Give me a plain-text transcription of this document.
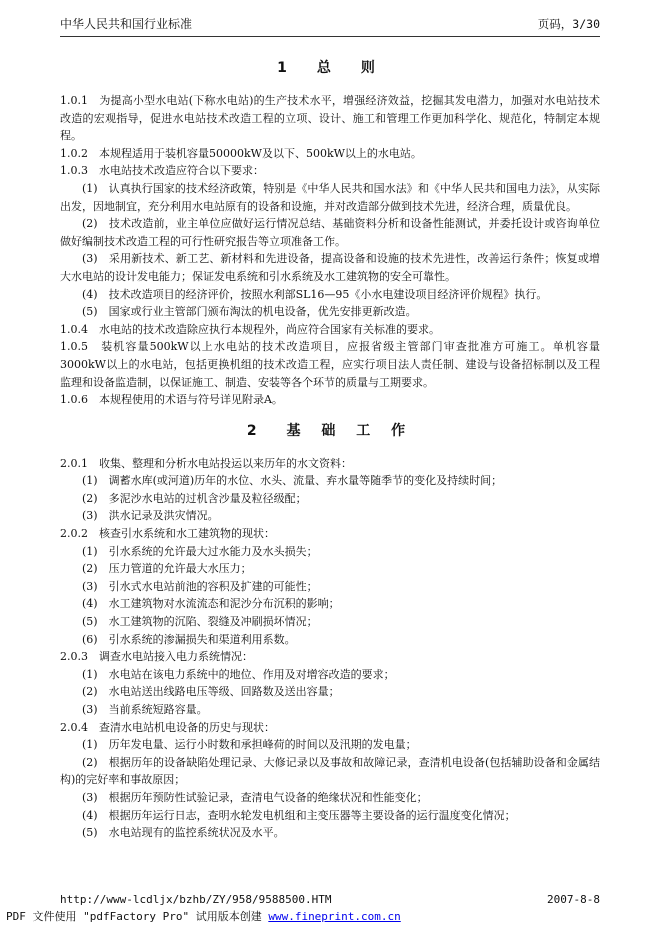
中华人民共和国行业标准	页码，3/30
1　总　则

1.0.1　为提高小型水电站(下称水电站)的生产技术水平，增强经济效益，挖掘其发电潜力，加强对水电站技术改造的宏观指导，促进水电站技术改造工程的立项、设计、施工和管理工作更加科学化、规范化，特制定本规程。

1.0.2　本规程适用于装机容量50000kW及以下、500kW以上的水电站。

1.0.3　水电站技术改造应符合以下要求：

(1)　认真执行国家的技术经济政策，特别是《中华人民共和国水法》和《中华人民共和国电力法》，从实际出发，因地制宜，充分利用水电站原有的设备和设施，并对改造部分做到技术先进，经济合理，质量优良。

(2)　技术改造前，业主单位应做好运行情况总结、基础资料分析和设备性能测试，并委托设计或咨询单位做好编制技术改造工程的可行性研究报告等立项准备工作。

(3)　采用新技术、新工艺、新材料和先进设备，提高设备和设施的技术先进性，改善运行条件；恢复或增大水电站的设计发电能力；保证发电系统和引水系统及水工建筑物的安全可靠性。

(4)　技术改造项目的经济评价，按照水利部SL16—95《小水电建设项目经济评价规程》执行。

(5)　国家或行业主管部门颁布淘汰的机电设备，优先安排更新改造。

1.0.4　水电站的技术改造除应执行本规程外，尚应符合国家有关标准的要求。

1.0.5　装机容量500kW以上水电站的技术改造项目，应报省级主管部门审查批准方可施工。单机容量3000kW以上的水电站，包括更换机组的技术改造工程，应实行项目法人责任制、建设与设备招标制以及工程监理和设备监造制，以保证施工、制造、安装等各个环节的质量与工期要求。

1.0.6　本规程使用的术语与符号详见附录A。

2　基 础 工 作

2.0.1　收集、整理和分析水电站投运以来历年的水文资料：

(1)　调蓄水库(或河道)历年的水位、水头、流量、弃水量等随季节的变化及持续时间；

(2)　多泥沙水电站的过机含沙量及粒径级配；

(3)　洪水记录及洪灾情况。

2.0.2　核查引水系统和水工建筑物的现状：

(1)　引水系统的允许最大过水能力及水头损失；

(2)　压力管道的允许最大水压力；

(3)　引水式水电站前池的容积及扩建的可能性；

(4)　水工建筑物对水流流态和泥沙分布沉积的影响；

(5)　水工建筑物的沉陷、裂缝及冲刷损坏情况；

(6)　引水系统的渗漏损失和渠道利用系数。

2.0.3　调查水电站接入电力系统情况：

(1)　水电站在该电力系统中的地位、作用及对增容改造的要求；

(2)　水电站送出线路电压等级、回路数及送出容量；

(3)　当前系统短路容量。

2.0.4　查清水电站机电设备的历史与现状：

(1)　历年发电量、运行小时数和承担峰荷的时间以及汛期的发电量；

(2)　根据历年的设备缺陷处理记录、大修记录以及事故和故障记录，查清机电设备(包括辅助设备和金属结构)的完好率和事故原因；

(3)　根据历年预防性试验记录，查清电气设备的绝缘状况和性能变化；

(4)　根据历年运行日志，查明水轮发电机组和主变压器等主要设备的运行温度变化情况；

(5)　水电站现有的监控系统状况及水平。

http://www-lcdljx/bzhb/ZY/958/9588500.HTM	2007-8-8
PDF 文件使用 "pdfFactory Pro" 试用版本创建 www.fineprint.com.cn
